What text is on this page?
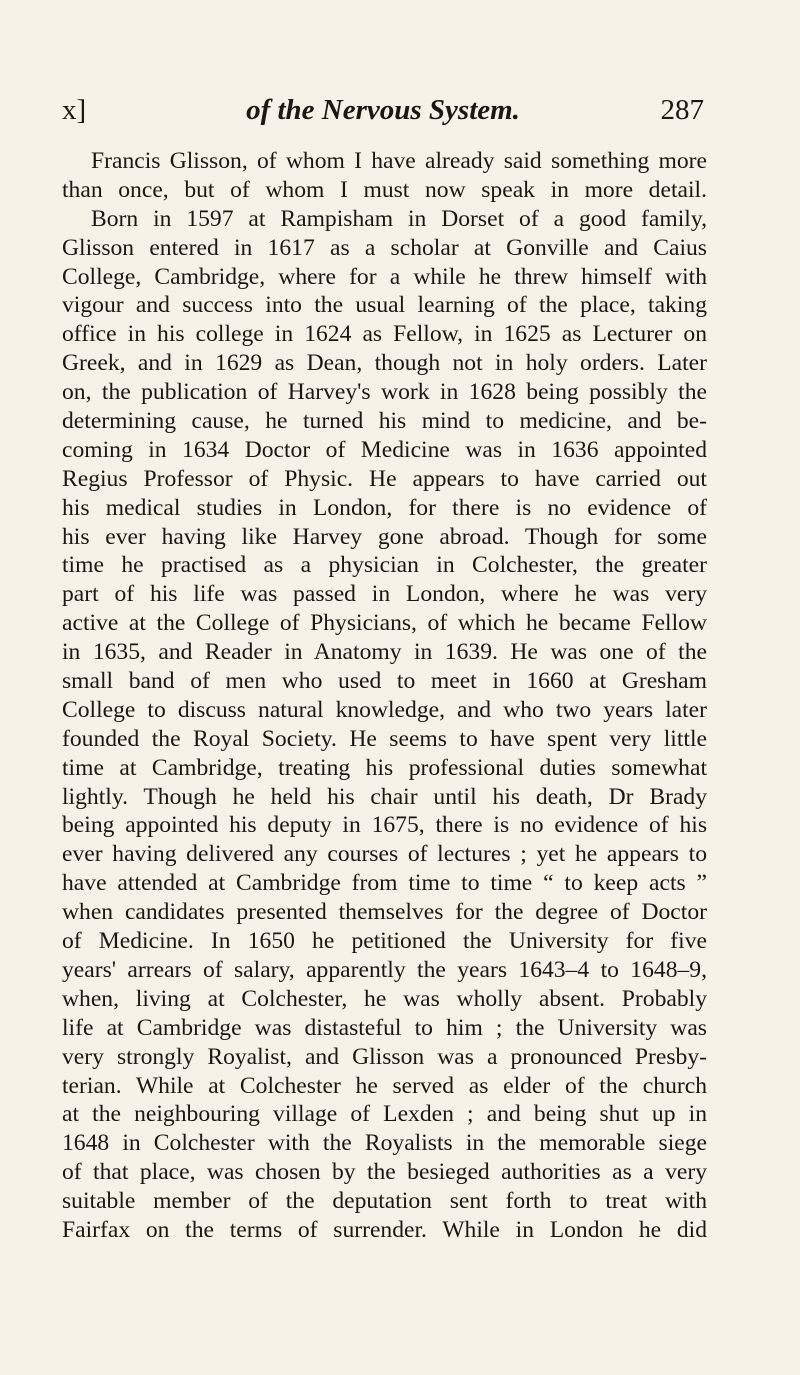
x]	of the Nervous System.	287
Francis Glisson, of whom I have already said something more
than once, but of whom I must now speak in more detail.
Born in 1597 at Rampisham in Dorset of a good family,
Glisson entered in 1617 as a scholar at Gonville and Caius
College, Cambridge, where for a while he threw himself with
vigour and success into the usual learning of the place, taking
office in his college in 1624 as Fellow, in 1625 as Lecturer on
Greek, and in 1629 as Dean, though not in holy orders. Later
on, the publication of Harvey's work in 1628 being possibly the
determining cause, he turned his mind to medicine, and be-
coming in 1634 Doctor of Medicine was in 1636 appointed
Regius Professor of Physic. He appears to have carried out
his medical studies in London, for there is no evidence of
his ever having like Harvey gone abroad. Though for some
time he practised as a physician in Colchester, the greater
part of his life was passed in London, where he was very
active at the College of Physicians, of which he became Fellow
in 1635, and Reader in Anatomy in 1639. He was one of the
small band of men who used to meet in 1660 at Gresham
College to discuss natural knowledge, and who two years later
founded the Royal Society. He seems to have spent very little
time at Cambridge, treating his professional duties somewhat
lightly. Though he held his chair until his death, Dr Brady
being appointed his deputy in 1675, there is no evidence of his
ever having delivered any courses of lectures ; yet he appears to
have attended at Cambridge from time to time “ to keep acts ”
when candidates presented themselves for the degree of Doctor
of Medicine. In 1650 he petitioned the University for five
years' arrears of salary, apparently the years 1643–4 to 1648–9,
when, living at Colchester, he was wholly absent. Probably
life at Cambridge was distasteful to him ; the University was
very strongly Royalist, and Glisson was a pronounced Presby-
terian. While at Colchester he served as elder of the church
at the neighbouring village of Lexden ; and being shut up in
1648 in Colchester with the Royalists in the memorable siege
of that place, was chosen by the besieged authorities as a very
suitable member of the deputation sent forth to treat with
Fairfax on the terms of surrender. While in London he did
